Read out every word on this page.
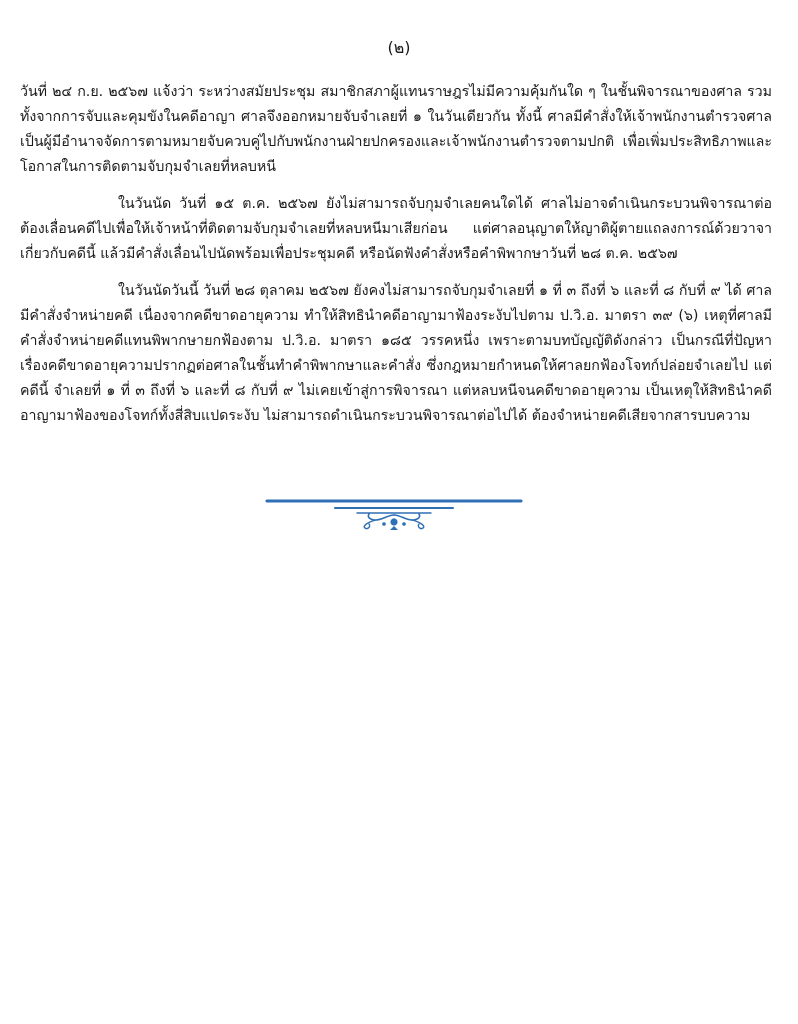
(๒)

วันที่ ๒๔ ก.ย. ๒๕๖๗ แจ้งว่า ระหว่างสมัยประชุม สมาชิกสภาผู้แทนราษฎรไม่มีความคุ้มกันใด ๆ ในชั้นพิจารณาของศาล รวมทั้งจากการจับและคุมขังในคดีอาญา ศาลจึงออกหมายจับจำเลยที่ ๑ ในวันเดียวกัน ทั้งนี้ ศาลมีคำสั่งให้เจ้าพนักงานตำรวจศาลเป็นผู้มีอำนาจจัดการตามหมายจับควบคู่ไปกับพนักงานฝ่ายปกครองและเจ้าพนักงานตำรวจตามปกติ เพื่อเพิ่มประสิทธิภาพและโอกาสในการติดตามจับกุมจำเลยที่หลบหนี

ในวันนัด วันที่ ๑๕ ต.ค. ๒๕๖๗ ยังไม่สามารถจับกุมจำเลยคนใดได้ ศาลไม่อาจดำเนินกระบวนพิจารณาต่อ ต้องเลื่อนคดีไปเพื่อให้เจ้าหน้าที่ติดตามจับกุมจำเลยที่หลบหนีมาเสียก่อน แต่ศาลอนุญาตให้ญาติผู้ตายแถลงการณ์ด้วยวาจาเกี่ยวกับคดีนี้ แล้วมีคำสั่งเลื่อนไปนัดพร้อมเพื่อประชุมคดี หรือนัดฟังคำสั่งหรือคำพิพากษาวันที่ ๒๘ ต.ค. ๒๕๖๗

ในวันนัดวันนี้ วันที่ ๒๘ ตุลาคม ๒๕๖๗ ยังคงไม่สามารถจับกุมจำเลยที่ ๑ ที่ ๓ ถึงที่ ๖ และที่ ๘ กับที่ ๙ ได้ ศาลมีคำสั่งจำหน่ายคดี เนื่องจากคดีขาดอายุความ ทำให้สิทธินำคดีอาญามาฟ้องระงับไปตาม ป.วิ.อ. มาตรา ๓๙ (๖) เหตุที่ศาลมีคำสั่งจำหน่ายคดีแทนพิพากษายกฟ้องตาม ป.วิ.อ. มาตรา ๑๘๕ วรรคหนึ่ง เพราะตามบทบัญญัติดังกล่าว เป็นกรณีที่ปัญหาเรื่องคดีขาดอายุความปรากฏต่อศาลในชั้นทำคำพิพากษาและคำสั่ง ซึ่งกฎหมายกำหนดให้ศาลยกฟ้องโจทก์ปล่อยจำเลยไป แต่คดีนี้ จำเลยที่ ๑ ที่ ๓ ถึงที่ ๖ และที่ ๘ กับที่ ๙ ไม่เคยเข้าสู่การพิจารณา แต่หลบหนีจนคดีขาดอายุความ เป็นเหตุให้สิทธินำคดีอาญามาฟ้องของโจทก์ทั้งสี่สิบแปดระงับ ไม่สามารถดำเนินกระบวนพิจารณาต่อไปได้ ต้องจำหน่ายคดีเสียจากสารบบความ
